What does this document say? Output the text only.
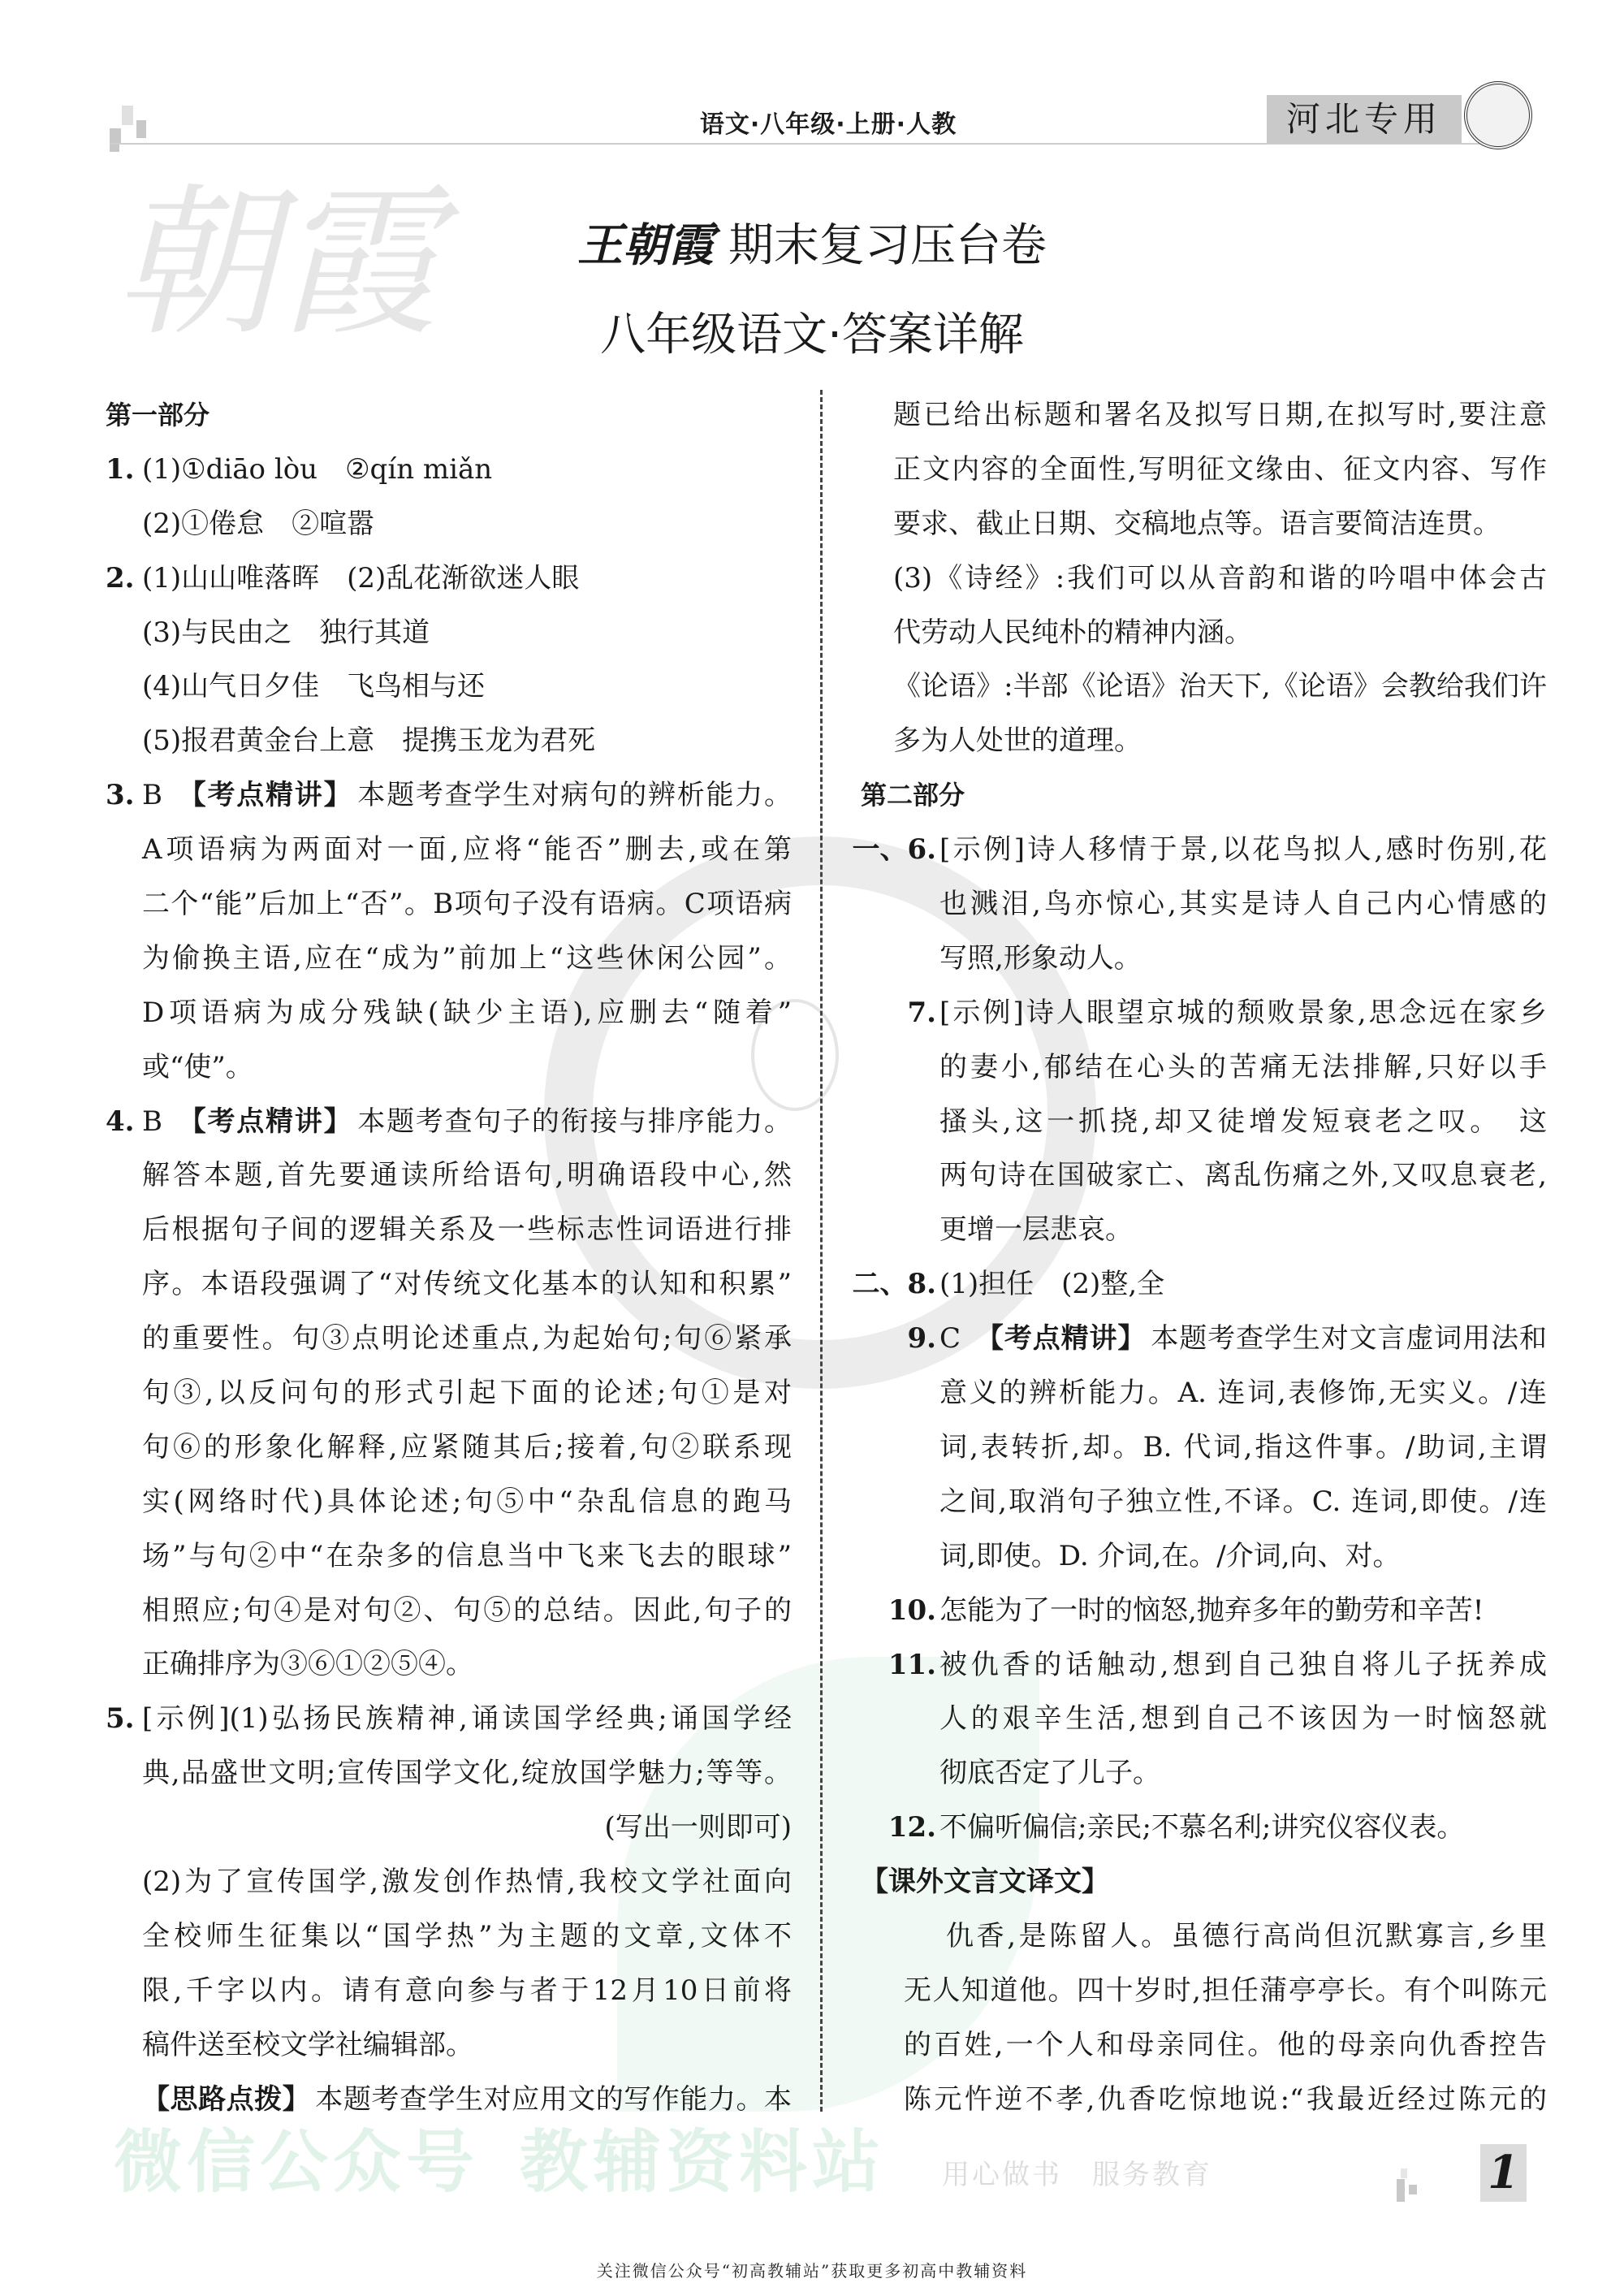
语文·八年级·上册·人教	河北专用
王朝霞 期末复习压台卷
八年级语文·答案详解
朝霞
微信公众号 教辅资料站 用心做书　服务教育
第一部分
1. (1)①diāo lòu　②qín miǎn
(2)①倦怠　②喧嚣
2. (1)山山唯落晖　(2)乱花渐欲迷人眼
(3)与民由之　独行其道
(4)山气日夕佳　飞鸟相与还
(5)报君黄金台上意　提携玉龙为君死
3. B 【考点精讲】 本题考查学生对病句的辨析能力。
A项语病为两面对一面,应将“能否”删去,或在第
二个“能”后加上“否”。B项句子没有语病。C项语病
为偷换主语,应在“成为”前加上“这些休闲公园”。
D项语病为成分残缺(缺少主语),应删去“随着”
或“使”。
4. B 【考点精讲】 本题考查句子的衔接与排序能力。
解答本题,首先要通读所给语句,明确语段中心,然
后根据句子间的逻辑关系及一些标志性词语进行排
序。本语段强调了“对传统文化基本的认知和积累”
的重要性。句③点明论述重点,为起始句;句⑥紧承
句③,以反问句的形式引起下面的论述;句①是对
句⑥的形象化解释,应紧随其后;接着,句②联系现
实(网络时代)具体论述;句⑤中“杂乱信息的跑马
场”与句②中“在杂多的信息当中飞来飞去的眼球”
相照应;句④是对句②、句⑤的总结。因此,句子的
正确排序为③⑥①②⑤④。
5. [示例](1)弘扬民族精神,诵读国学经典;诵国学经
典,品盛世文明;宣传国学文化,绽放国学魅力;等等。
(写出一则即可)
(2)为了宣传国学,激发创作热情,我校文学社面向
全校师生征集以“国学热”为主题的文章,文体不
限,千字以内。请有意向参与者于12月10日前将
稿件送至校文学社编辑部。
【思路点拨】 本题考查学生对应用文的写作能力。本
题已给出标题和署名及拟写日期,在拟写时,要注意
正文内容的全面性,写明征文缘由、征文内容、写作
要求、截止日期、交稿地点等。语言要简洁连贯。
(3)《诗经》:我们可以从音韵和谐的吟唱中体会古
代劳动人民纯朴的精神内涵。
《论语》:半部《论语》治天下,《论语》会教给我们许
多为人处世的道理。
第二部分
一、6. [示例]诗人移情于景,以花鸟拟人,感时伤别,花
也溅泪,鸟亦惊心,其实是诗人自己内心情感的
写照,形象动人。
7. [示例]诗人眼望京城的颓败景象,思念远在家乡
的妻小,郁结在心头的苦痛无法排解,只好以手
搔头,这一抓挠,却又徒增发短衰老之叹。　这
两句诗在国破家亡、离乱伤痛之外,又叹息衰老,
更增一层悲哀。
二、8. (1)担任　(2)整,全
9. C 【考点精讲】 本题考查学生对文言虚词用法和
意义的辨析能力。A. 连词,表修饰,无实义。/连
词,表转折,却。B. 代词,指这件事。/助词,主谓
之间,取消句子独立性,不译。C. 连词,即使。/连
词,即使。D. 介词,在。/介词,向、对。
10. 怎能为了一时的恼怒,抛弃多年的勤劳和辛苦!
11. 被仇香的话触动,想到自己独自将儿子抚养成
人的艰辛生活,想到自己不该因为一时恼怒就
彻底否定了儿子。
12. 不偏听偏信;亲民;不慕名利;讲究仪容仪表。
【课外文言文译文】
仇香,是陈留人。虽德行高尚但沉默寡言,乡里
无人知道他。四十岁时,担任蒲亭亭长。有个叫陈元
的百姓,一个人和母亲同住。他的母亲向仇香控告
陈元忤逆不孝,仇香吃惊地说:“我最近经过陈元的
1
关注微信公众号“初高教辅站”获取更多初高中教辅资料
